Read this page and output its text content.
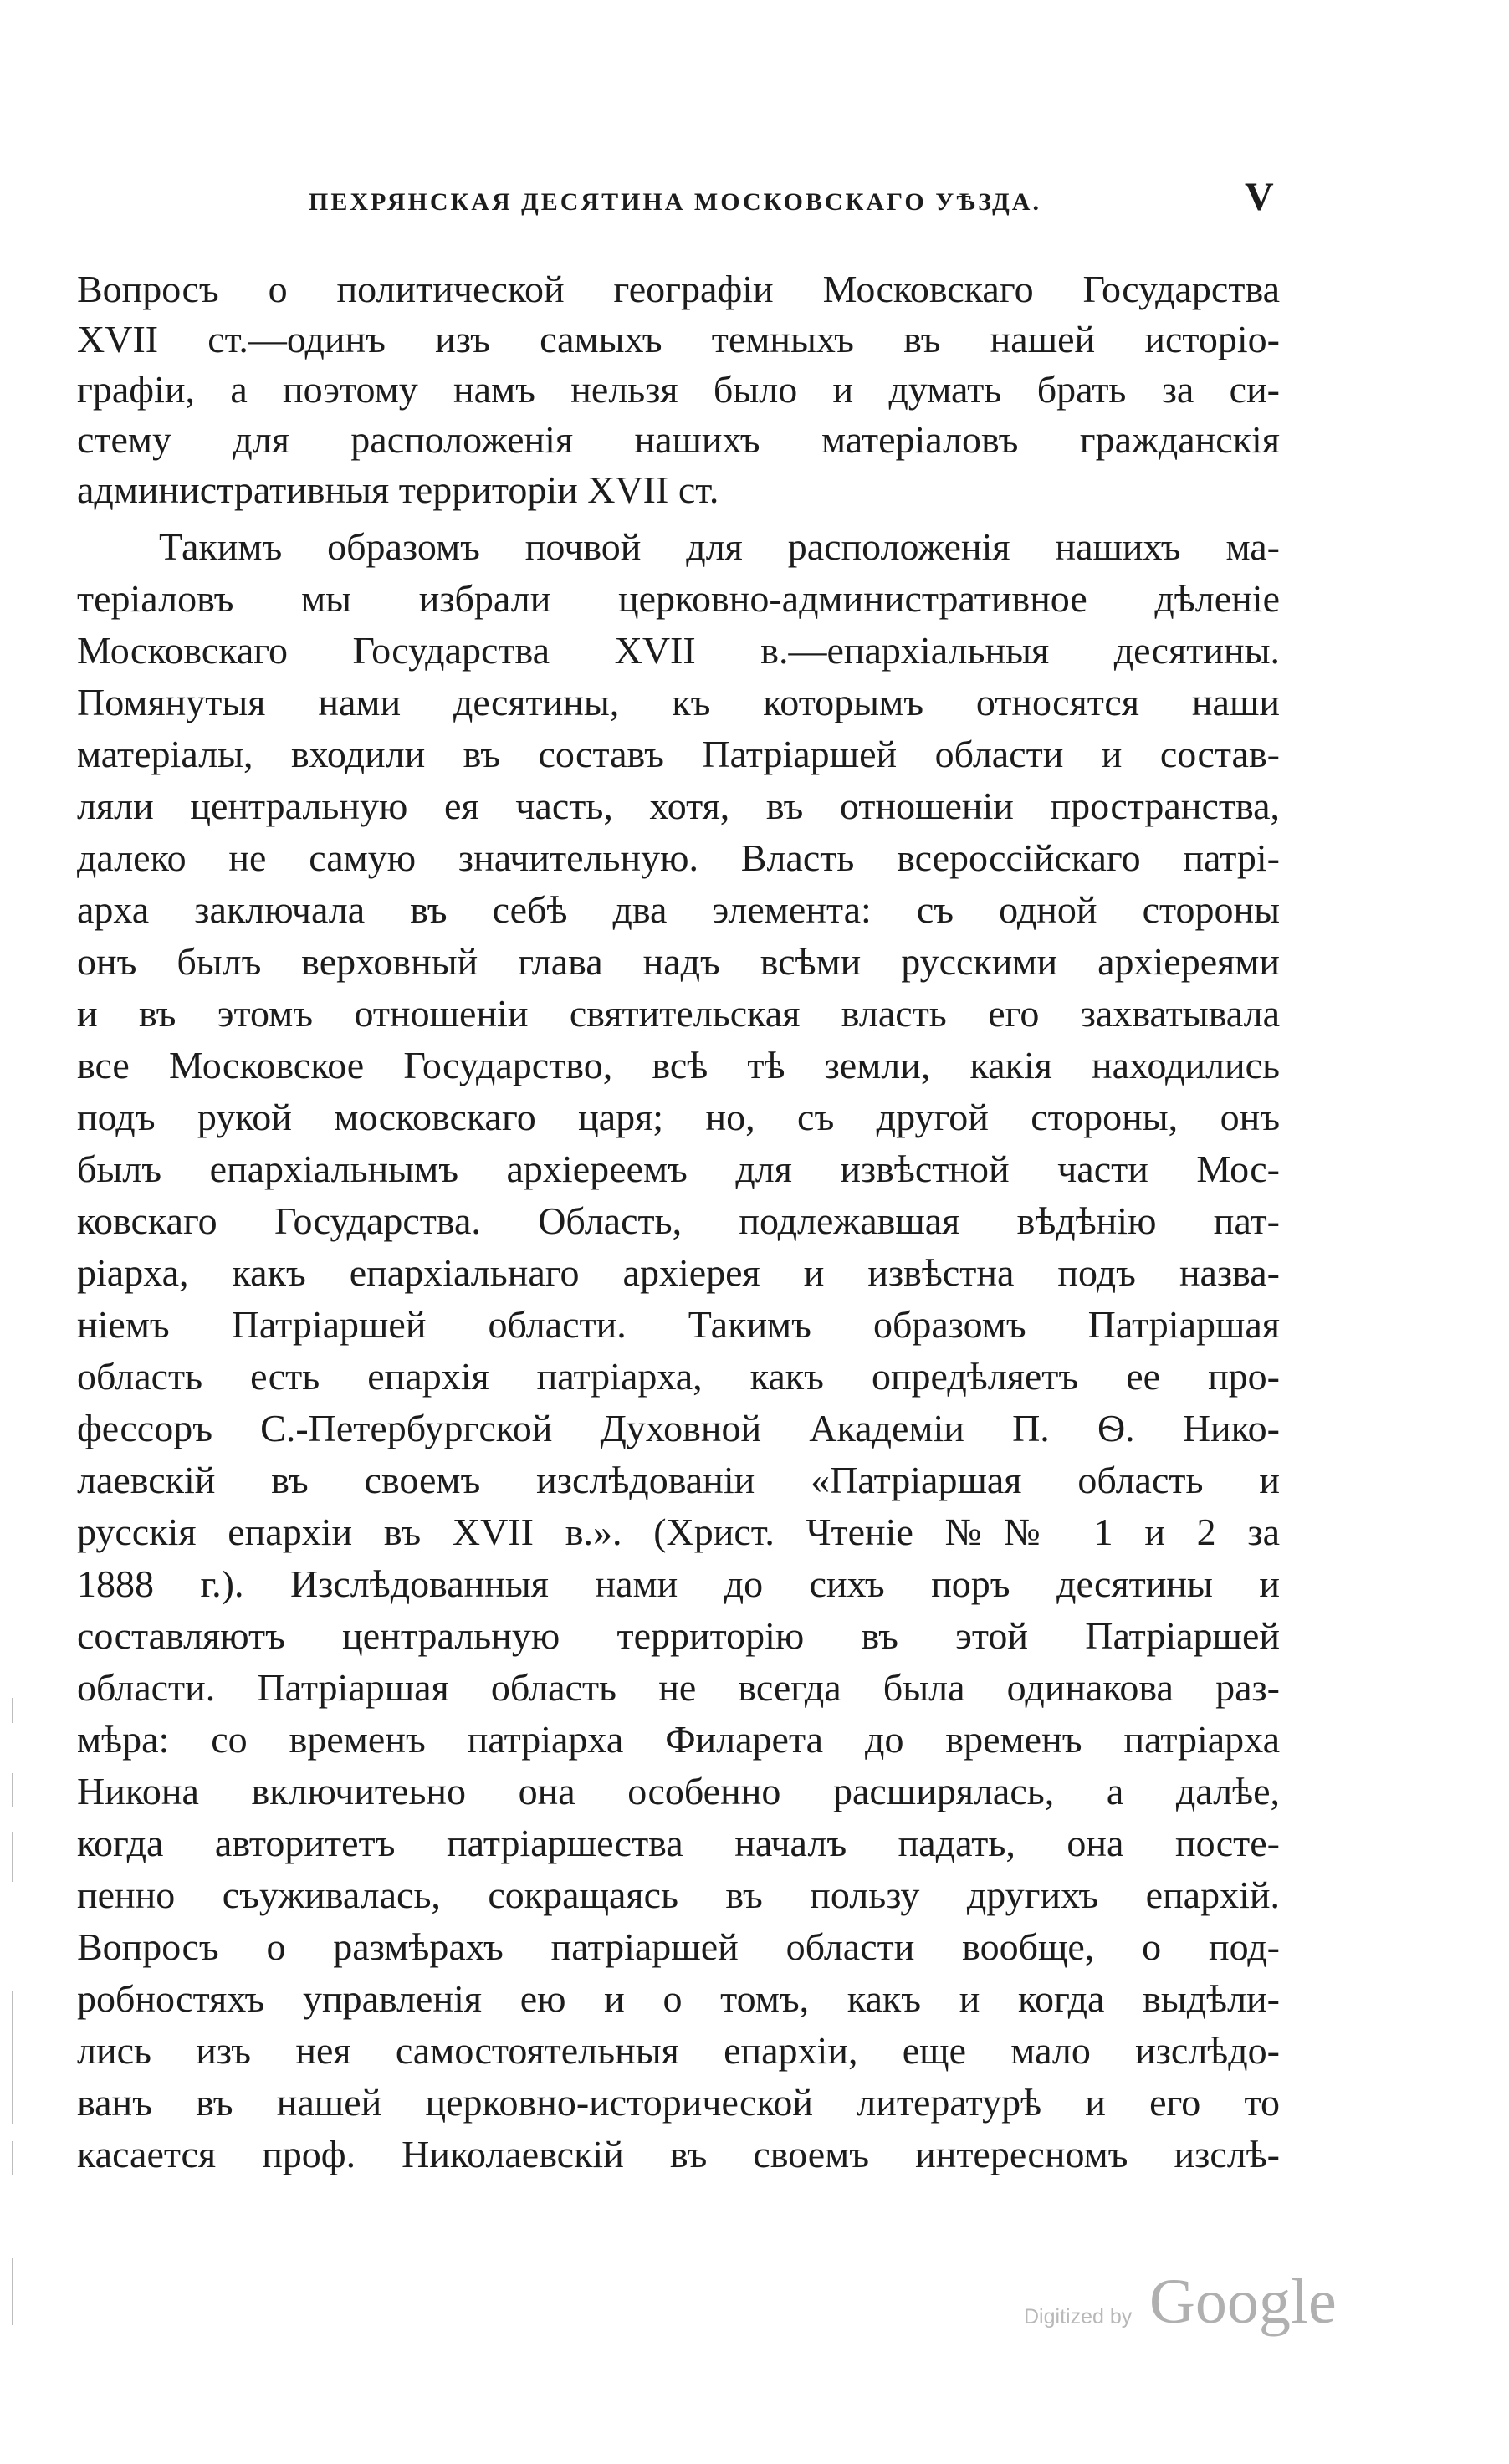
ПЕХРЯНСКАЯ ДЕСЯТИНА МОСКОВСКАГО УѢЗДА.	V
Вопросъ о политической географіи Московскаго Государства
XVII ст.—одинъ изъ самыхъ темныхъ въ нашей исторіо-
графіи, а поэтому намъ нельзя было и думать брать за си-
стему для расположенія нашихъ матеріаловъ гражданскія
административныя территоріи XVII ст.
Такимъ образомъ почвой для расположенія нашихъ ма-
теріаловъ мы избрали церковно-административное дѣленіе
Московскаго Государства XVII в.—епархіальныя десятины.
Помянутыя нами десятины, къ которымъ относятся наши
матеріалы, входили въ составъ Патріаршей области и состав-
ляли центральную ея часть, хотя, въ отношеніи пространства,
далеко не самую значительную. Власть всероссійскаго патрі-
арха заключала въ себѣ два элемента: съ одной стороны
онъ былъ верховный глава надъ всѣми русскими архіереями
и въ этомъ отношеніи святительская власть его захватывала
все Московское Государство, всѣ тѣ земли, какія находились
подъ рукой московскаго царя; но, съ другой стороны, онъ
былъ епархіальнымъ архіереемъ для извѣстной части Мос-
ковскаго Государства. Область, подлежавшая вѣдѣнію пат-
ріарха, какъ епархіальнаго архіерея и извѣстна подъ назва-
ніемъ Патріаршей области. Такимъ образомъ Патріаршая
область есть епархія патріарха, какъ опредѣляетъ ее про-
фессоръ С.-Петербургской Духовной Академіи П. Ѳ. Нико-
лаевскій въ своемъ изслѣдованіи «Патріаршая область и
русскія епархіи въ XVII в.». (Христ. Чтеніе №№ 1 и 2 за
1888 г.). Изслѣдованныя нами до сихъ поръ десятины и
составляютъ центральную территорію въ этой Патріаршей
области. Патріаршая область не всегда была одинакова раз-
мѣра: со временъ патріарха Филарета до временъ патріарха
Никона включитеьно она особенно расширялась, а далѣе,
когда авторитетъ патріаршества началъ падать, она посте-
пенно съуживалась, сокращаясь въ пользу другихъ епархій.
Вопросъ о размѣрахъ патріаршей области вообще, о под-
робностяхъ управленія ею и о томъ, какъ и когда выдѣли-
лись изъ нея самостоятельныя епархіи, еще мало изслѣдо-
ванъ въ нашей церковно-исторической литературѣ и его то
касается проф. Николаевскій въ своемъ интересномъ изслѣ-
Digitized by Google
